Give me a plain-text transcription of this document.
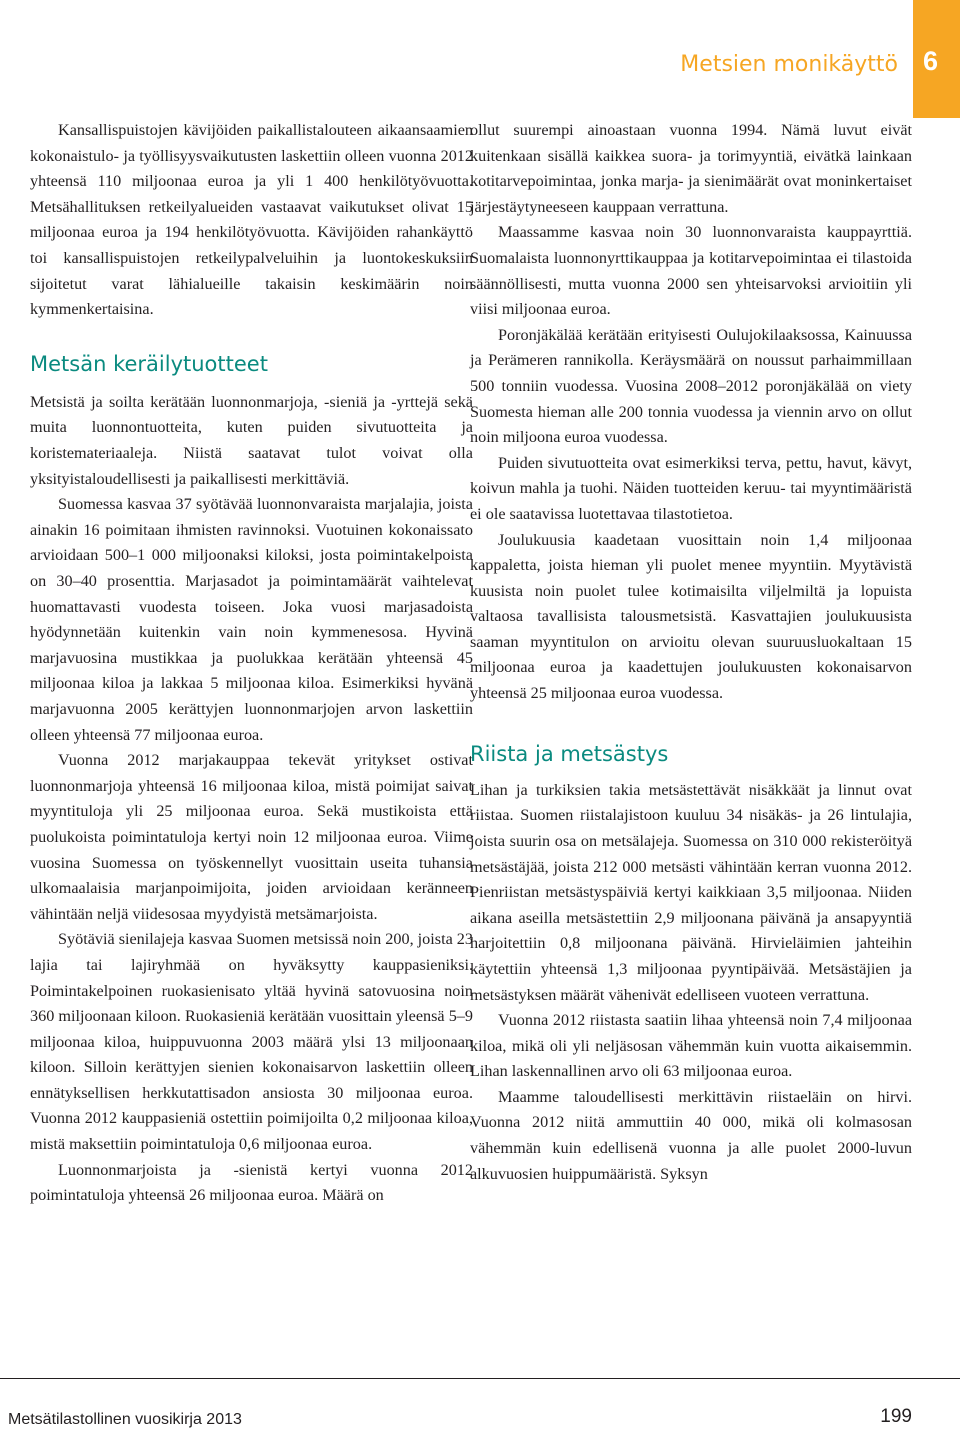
6
Metsien monikäyttö

Kansallispuistojen kävijöiden paikallistalouteen aikaansaamien kokonaistulo- ja työllisyysvaikutusten laskettiin olleen vuonna 2012 yhteensä 110 miljoonaa euroa ja yli 1 400 henkilötyövuotta. Metsähallituksen retkeilyalueiden vastaavat vaikutukset olivat 15 miljoonaa euroa ja 194 henkilötyövuotta. Kävijöiden rahankäyttö toi kansallispuistojen retkeilypalveluihin ja luontokeskuksiin sijoitetut varat lähialueille takaisin keskimäärin noin kymmenkertaisina.

Metsän keräilytuotteet

Metsistä ja soilta kerätään luonnonmarjoja, -sieniä ja -yrttejä sekä muita luonnontuotteita, kuten puiden sivutuotteita ja koristemateriaaleja. Niistä saatavat tulot voivat olla yksityistaloudellisesti ja paikallisesti merkittäviä.

Suomessa kasvaa 37 syötävää luonnonvaraista marjalajia, joista ainakin 16 poimitaan ihmisten ravinnoksi. Vuotuinen kokonaissato arvioidaan 500–1 000 miljoonaksi kiloksi, josta poimintakelpoista on 30–40 prosenttia. Marjasadot ja poimintamäärät vaihtelevat huomattavasti vuodesta toiseen. Joka vuosi marjasadoista hyödynnetään kuitenkin vain noin kymmenesosa. Hyvinä marjavuosina mustikkaa ja puolukkaa kerätään yhteensä 45 miljoonaa kiloa ja lakkaa 5 miljoonaa kiloa. Esimerkiksi hyvänä marjavuonna 2005 kerättyjen luonnonmarjojen arvon laskettiin olleen yhteensä 77 miljoonaa euroa.

Vuonna 2012 marjakauppaa tekevät yritykset ostivat luonnonmarjoja yhteensä 16 miljoonaa kiloa, mistä poimijat saivat myyntituloja yli 25 miljoonaa euroa. Sekä mustikoista että puolukoista poimintatuloja kertyi noin 12 miljoonaa euroa. Viime vuosina Suomessa on työskennellyt vuosittain useita tuhansia ulkomaalaisia marjanpoimijoita, joiden arvioidaan keränneen vähintään neljä viidesosaa myydyistä metsämarjoista.

Syötäviä sienilajeja kasvaa Suomen metsissä noin 200, joista 23 lajia tai lajiryhmää on hyväksytty kauppasieniksi. Poimintakelpoinen ruokasienisato yltää hyvinä satovuosina noin 360 miljoonaan kiloon. Ruokasieniä kerätään vuosittain yleensä 5–9 miljoonaa kiloa, huippuvuonna 2003 määrä ylsi 13 miljoonaan kiloon. Silloin kerättyjen sienien kokonaisarvon laskettiin olleen ennätyksellisen herkkutattisadon ansiosta 30 miljoonaa euroa. Vuonna 2012 kauppasieniä ostettiin poimijoilta 0,2 miljoonaa kiloa, mistä maksettiin poimintatuloja 0,6 miljoonaa euroa.

Luonnonmarjoista ja -sienistä kertyi vuonna 2012 poimintatuloja yhteensä 26 miljoonaa euroa. Määrä on

ollut suurempi ainoastaan vuonna 1994. Nämä luvut eivät kuitenkaan sisällä kaikkea suora- ja torimyyntiä, eivätkä lainkaan kotitarvepoimintaa, jonka marja- ja sienimäärät ovat moninkertaiset järjestäytyneeseen kauppaan verrattuna.

Maassamme kasvaa noin 30 luonnonvaraista kauppayrttiä. Suomalaista luonnonyrttikauppaa ja kotitarvepoimintaa ei tilastoida säännöllisesti, mutta vuonna 2000 sen yhteisarvoksi arvioitiin yli viisi miljoonaa euroa.

Poronjäkälää kerätään erityisesti Oulujokilaaksossa, Kainuussa ja Perämeren rannikolla. Keräysmäärä on noussut parhaimmillaan 500 tonniin vuodessa. Vuosina 2008–2012 poronjäkälää on viety Suomesta hieman alle 200 tonnia vuodessa ja viennin arvo on ollut noin miljoona euroa vuodessa.

Puiden sivutuotteita ovat esimerkiksi terva, pettu, havut, kävyt, koivun mahla ja tuohi. Näiden tuotteiden keruu- tai myyntimääristä ei ole saatavissa luotettavaa tilastotietoa.

Joulukuusia kaadetaan vuosittain noin 1,4 miljoonaa kappaletta, joista hieman yli puolet menee myyntiin. Myytävistä kuusista noin puolet tulee kotimaisilta viljelmiltä ja lopuista valtaosa tavallisista talousmetsistä. Kasvattajien joulukuusista saaman myyntitulon on arvioitu olevan suuruusluokaltaan 15 miljoonaa euroa ja kaadettujen joulukuusten kokonaisarvon yhteensä 25 miljoonaa euroa vuodessa.

Riista ja metsästys

Lihan ja turkiksien takia metsästettävät nisäkkäät ja linnut ovat riistaa. Suomen riistalajistoon kuuluu 34 nisäkäs- ja 26 lintulajia, joista suurin osa on metsälajeja. Suomessa on 310 000 rekisteröityä metsästäjää, joista 212 000 metsästi vähintään kerran vuonna 2012. Pienriistan metsästyspäiviä kertyi kaikkiaan 3,5 miljoonaa. Niiden aikana aseilla metsästettiin 2,9 miljoonana päivänä ja ansapyyntiä harjoitettiin 0,8 miljoonana päivänä. Hirvieläimien jahteihin käytettiin yhteensä 1,3 miljoonaa pyyntipäivää. Metsästäjien ja metsästyksen määrät vähenivät edelliseen vuoteen verrattuna.

Vuonna 2012 riistasta saatiin lihaa yhteensä noin 7,4 miljoonaa kiloa, mikä oli yli neljäsosan vähemmän kuin vuotta aikaisemmin. Lihan laskennallinen arvo oli 63 miljoonaa euroa.

Maamme taloudellisesti merkittävin riistaeläin on hirvi. Vuonna 2012 niitä ammuttiin 40 000, mikä oli kolmasosan vähemmän kuin edellisenä vuonna ja alle puolet 2000-luvun alkuvuosien huippumääristä. Syksyn

Metsätilastollinen vuosikirja 2013	199
